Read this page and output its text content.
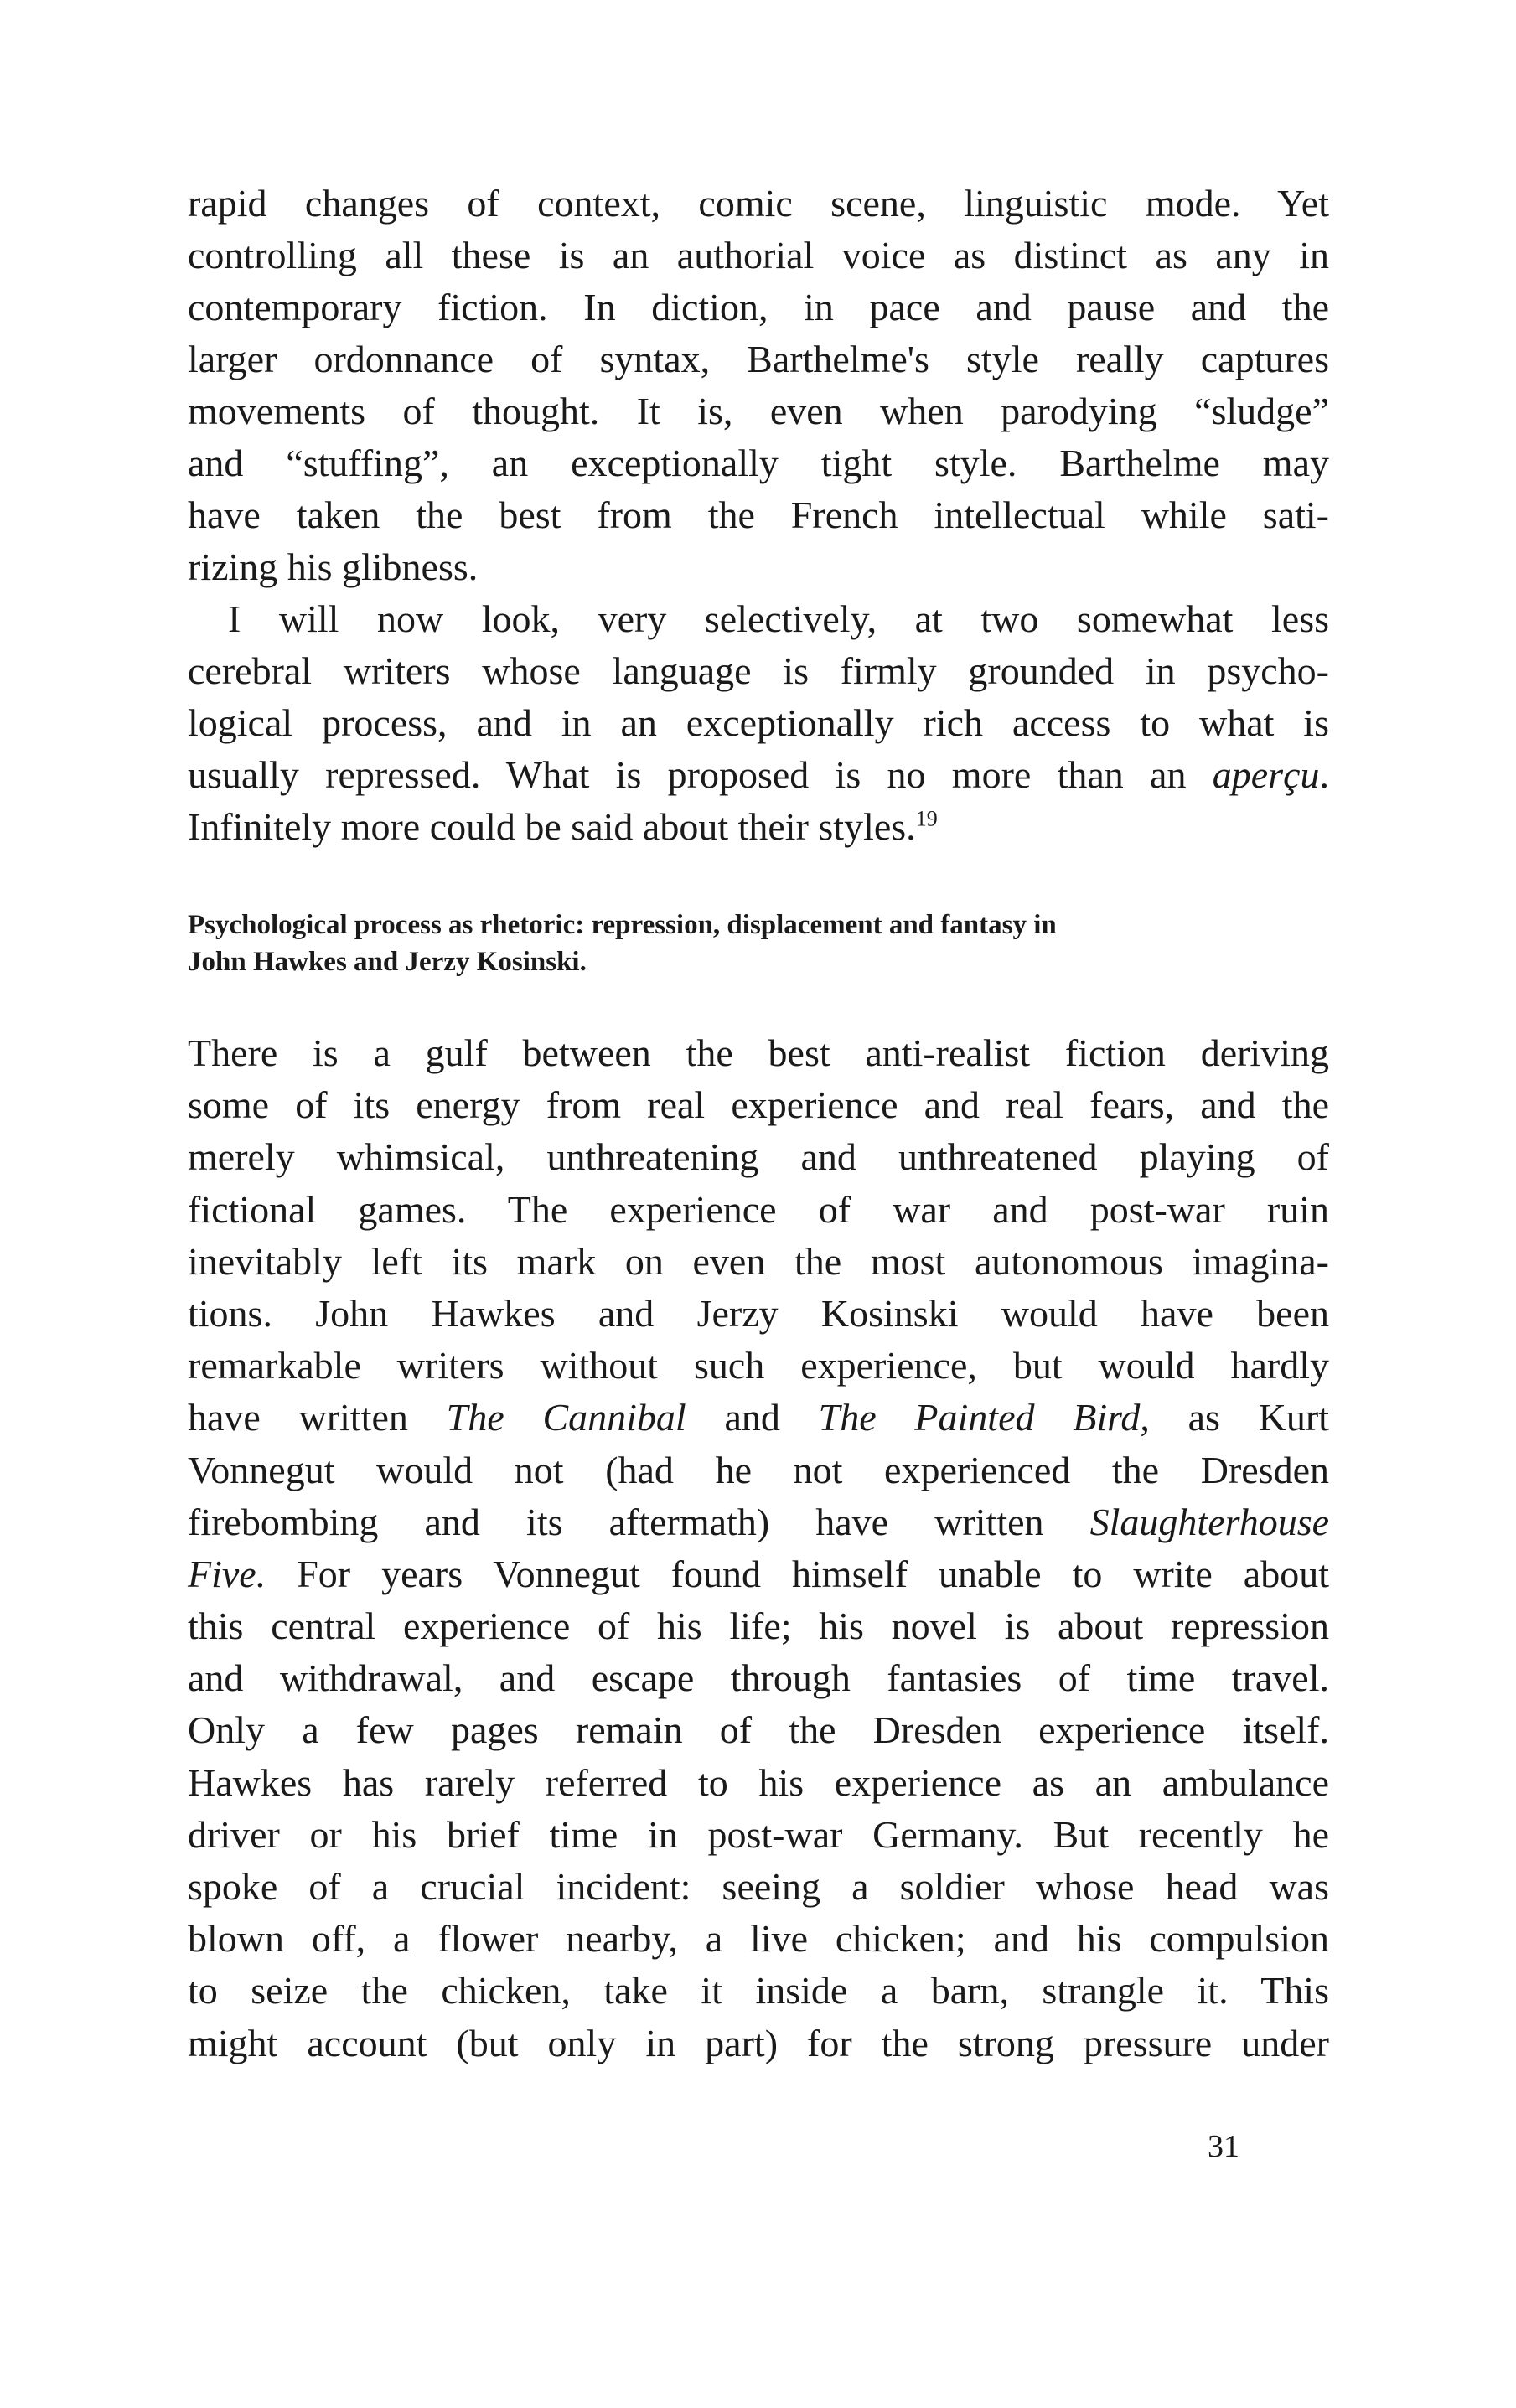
rapid changes of context, comic scene, linguistic mode. Yet
controlling all these is an authorial voice as distinct as any in
contemporary fiction. In diction, in pace and pause and the
larger ordonnance of syntax, Barthelme's style really captures
movements of thought. It is, even when parodying “sludge”
and “stuffing”, an exceptionally tight style. Barthelme may
have taken the best from the French intellectual while sati-
rizing his glibness.
I will now look, very selectively, at two somewhat less
cerebral writers whose language is firmly grounded in psycho-
logical process, and in an exceptionally rich access to what is
usually repressed. What is proposed is no more than an aperçu.
Infinitely more could be said about their styles.$^{19}$
Psychological process as rhetoric: repression, displacement and fantasy in
John Hawkes and Jerzy Kosinski.
There is a gulf between the best anti-realist fiction deriving
some of its energy from real experience and real fears, and the
merely whimsical, unthreatening and unthreatened playing of
fictional games. The experience of war and post-war ruin
inevitably left its mark on even the most autonomous imagina-
tions. John Hawkes and Jerzy Kosinski would have been
remarkable writers without such experience, but would hardly
have written The Cannibal and The Painted Bird, as Kurt
Vonnegut would not (had he not experienced the Dresden
firebombing and its aftermath) have written Slaughterhouse
Five. For years Vonnegut found himself unable to write about
this central experience of his life; his novel is about repression
and withdrawal, and escape through fantasies of time travel.
Only a few pages remain of the Dresden experience itself.
Hawkes has rarely referred to his experience as an ambulance
driver or his brief time in post-war Germany. But recently he
spoke of a crucial incident: seeing a soldier whose head was
blown off, a flower nearby, a live chicken; and his compulsion
to seize the chicken, take it inside a barn, strangle it. This
might account (but only in part) for the strong pressure under
31
